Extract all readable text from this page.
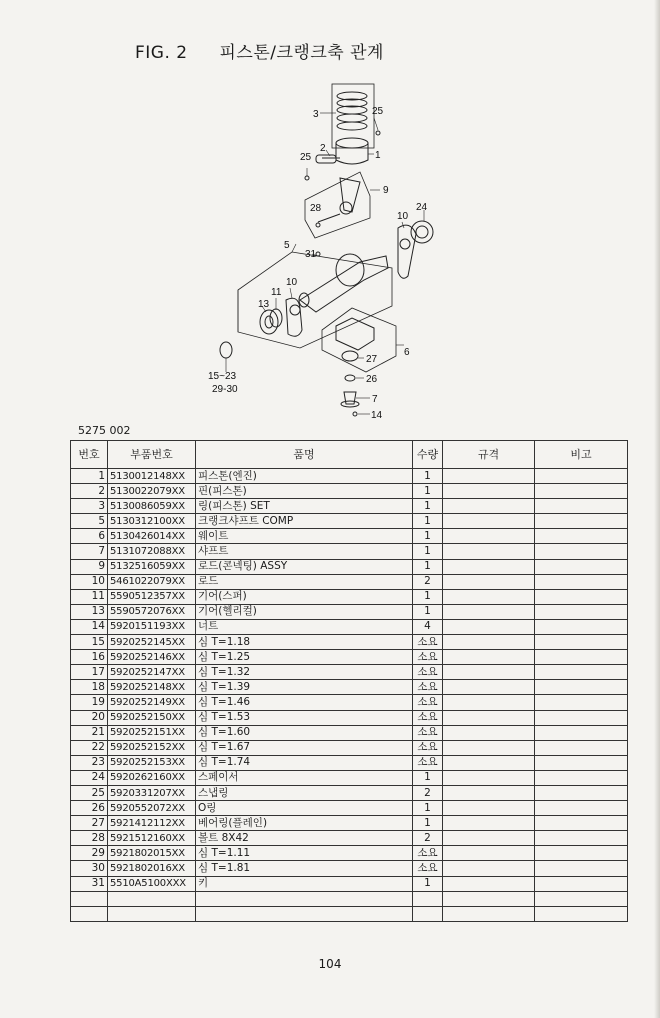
FIG. 2 피스톤/크랭크축 관계
3	25
2
1
25
9
28	24
10
5
31
10
11
13
6
27
26
7
14
15~23
29-30
5275 002
번호	부품번호	품명	수량	규격	비고
1	5130012148XX	피스톤(엔진)	1		
2	5130022079XX	핀(피스톤)	1		
3	5130086059XX	링(피스톤) SET	1		
5	5130312100XX	크랭크샤프트 COMP	1		
6	5130426014XX	웨이트	1		
7	5131072088XX	샤프트	1		
9	5132516059XX	로드(콘넥팅) ASSY	1		
10	5461022079XX	로드	2		
11	5590512357XX	기어(스퍼)	1		
13	5590572076XX	기어(헬리컬)	1		
14	5920151193XX	너트	4		
15	5920252145XX	심 T=1.18	소요		
16	5920252146XX	심 T=1.25	소요		
17	5920252147XX	심 T=1.32	소요		
18	5920252148XX	심 T=1.39	소요		
19	5920252149XX	심 T=1.46	소요		
20	5920252150XX	심 T=1.53	소요		
21	5920252151XX	심 T=1.60	소요		
22	5920252152XX	심 T=1.67	소요		
23	5920252153XX	심 T=1.74	소요		
24	5920262160XX	스페이서	1		
25	5920331207XX	스냅링	2		
26	5920552072XX	O링	1		
27	5921412112XX	베어링(플레인)	1		
28	5921512160XX	볼트 8X42	2		
29	5921802015XX	심 T=1.11	소요		
30	5921802016XX	심 T=1.81	소요		
31	5510A5100XXX	키	1		

104
